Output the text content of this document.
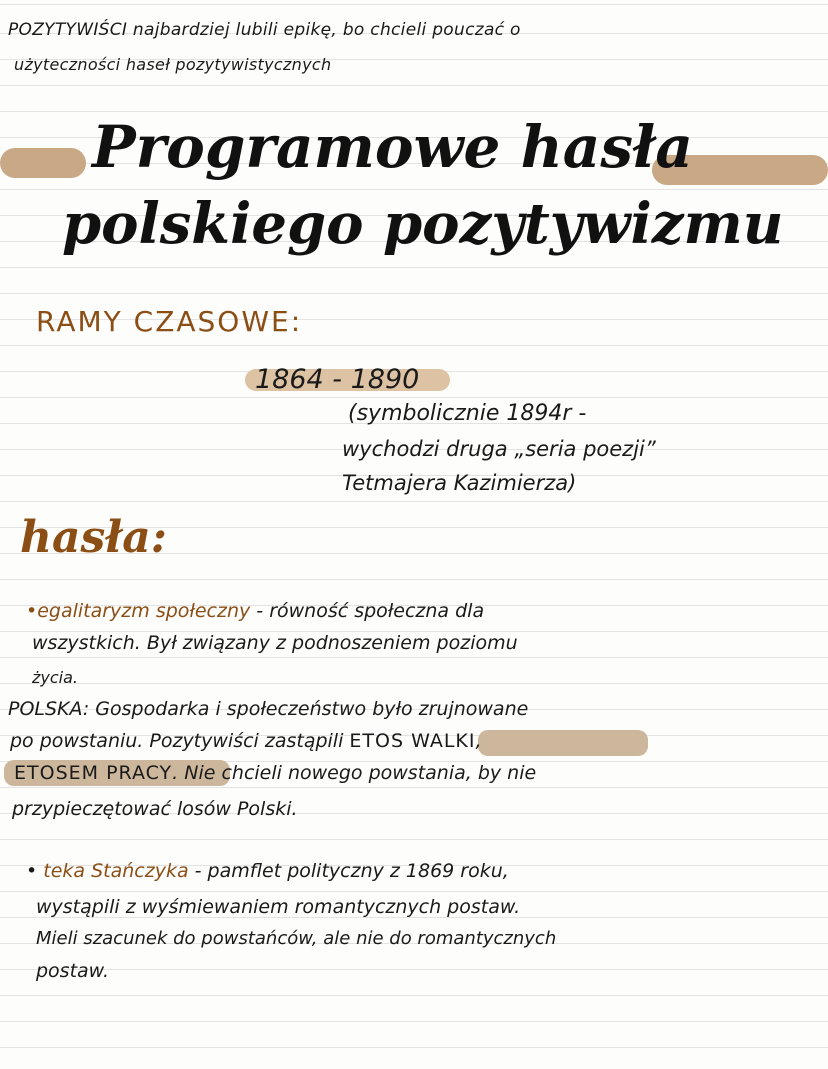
POZYTYWIŚCI najbardziej lubili epikę, bo chcieli pouczać o
użyteczności haseł pozytywistycznych
Programowe hasła
polskiego pozytywizmu
RAMY CZASOWE:
1864 - 1890
(symbolicznie 1894r -
wychodzi druga „seria poezji”
Tetmajera Kazimierza)
hasła:
•egalitaryzm społeczny - równość społeczna dla
wszystkich. Był związany z podnoszeniem poziomu
życia.
POLSKA: Gospodarka i społeczeństwo było zrujnowane
po powstaniu. Pozytywiści zastąpili ETOS WALKI,
ETOSEM PRACY. Nie chcieli nowego powstania, by nie
przypieczętować losów Polski.
• teka Stańczyka - pamflet polityczny z 1869 roku,
wystąpili z wyśmiewaniem romantycznych postaw.
Mieli szacunek do powstańców, ale nie do romantycznych
postaw.
